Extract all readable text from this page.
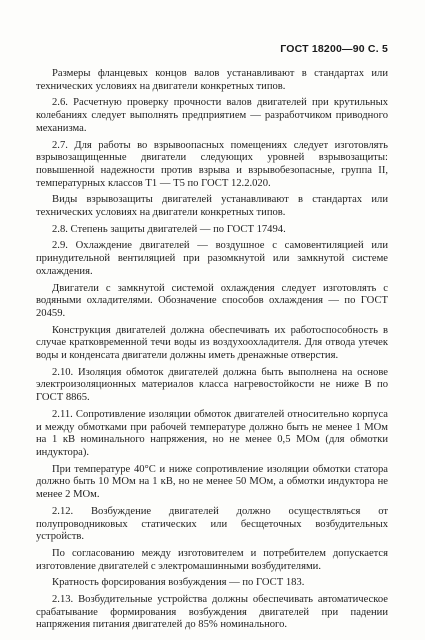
ГОСТ 18200—90 С. 5

Размеры фланцевых концов валов устанавливают в стандартах или технических условиях на двигатели конкретных типов.

2.6. Расчетную проверку прочности валов двигателей при крутильных колебаниях следует выполнять предприятием — разработчиком приводного механизма.

2.7. Для работы во взрывоопасных помещениях следует изготовлять взрывозащищенные двигатели следующих уровней взрывозащиты: повышенной надежности против взрыва и взрывобезопасные, группа II, температурных классов Т1 — Т5 по ГОСТ 12.2.020.

Виды взрывозащиты двигателей устанавливают в стандартах или технических условиях на двигатели конкретных типов.

2.8. Степень защиты двигателей — по ГОСТ 17494.

2.9. Охлаждение двигателей — воздушное с самовентиляцией или принудительной вентиляцией при разомкнутой или замкнутой системе охлаждения.

Двигатели с замкнутой системой охлаждения следует изготовлять с водяными охладителями. Обозначение способов охлаждения — по ГОСТ 20459.

Конструкция двигателей должна обеспечивать их работоспособность в случае кратковременной течи воды из воздухоохладителя. Для отвода утечек воды и конденсата двигатели должны иметь дренажные отверстия.

2.10. Изоляция обмоток двигателей должна быть выполнена на основе электроизоляционных материалов класса нагревостойкости не ниже В по ГОСТ 8865.

2.11. Сопротивление изоляции обмоток двигателей относительно корпуса и между обмотками при рабочей температуре должно быть не менее 1 МОм на 1 кВ номинального напряжения, но не менее 0,5 МОм (для обмотки индуктора).

При температуре 40°С и ниже сопротивление изоляции обмотки статора должно быть 10 МОм на 1 кВ, но не менее 50 МОм, а обмотки индуктора не менее 2 МОм.

2.12. Возбуждение двигателей должно осуществляться от полупроводниковых статических или бесщеточных возбудительных устройств.

По согласованию между изготовителем и потребителем допускается изготовление двигателей с электромашинными возбудителями.

Кратность форсирования возбуждения — по ГОСТ 183.

2.13. Возбудительные устройства должны обеспечивать автоматическое срабатывание формирования возбуждения двигателей при падении напряжения питания двигателей до 85% номинального.
